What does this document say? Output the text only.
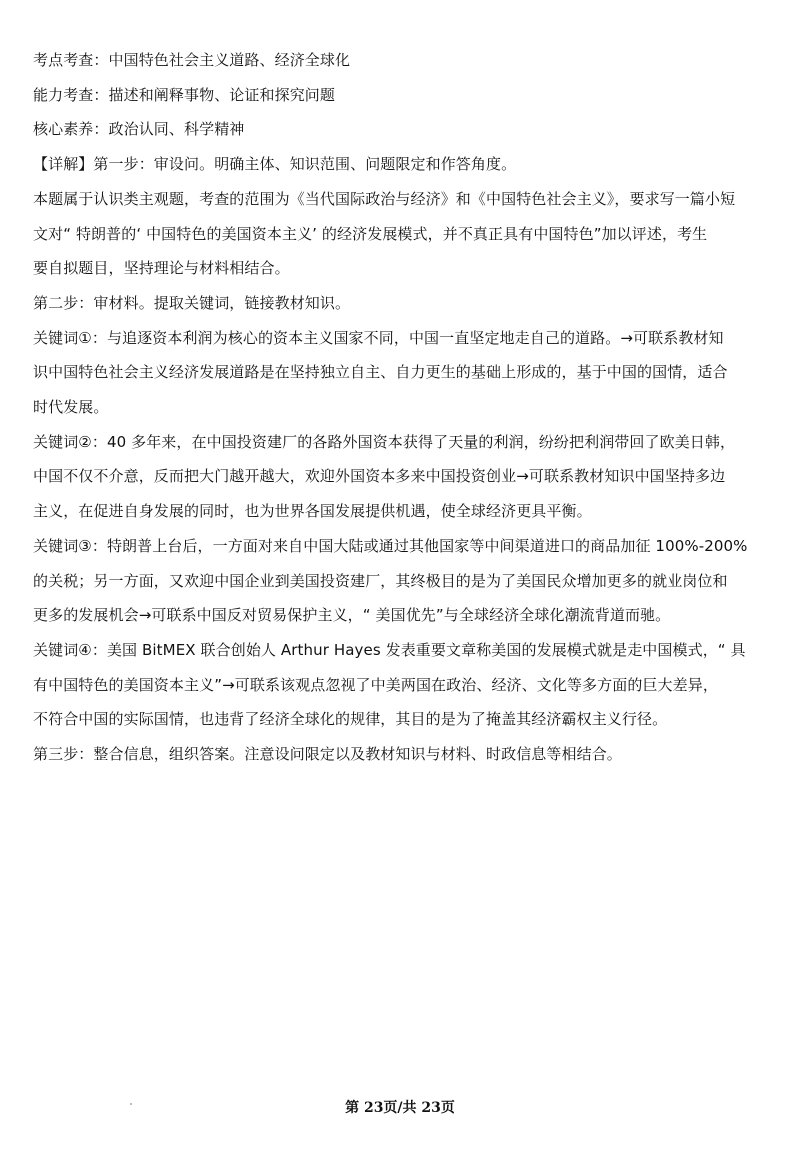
考点考查：中国特色社会主义道路、经济全球化
能力考查：描述和阐释事物、论证和探究问题
核心素养：政治认同、科学精神
【详解】第一步：审设问。明确主体、知识范围、问题限定和作答角度。
本题属于认识类主观题，考查的范围为《当代国际政治与经济》和《中国特色社会主义》，要求写一篇小短
文对“ 特朗普的‘ 中国特色的美国资本主义’ 的经济发展模式，并不真正具有中国特色”加以评述，考生
要自拟题目，坚持理论与材料相结合。
第二步：审材料。提取关键词，链接教材知识。
关键词①：与追逐资本利润为核心的资本主义国家不同，中国一直坚定地走自己的道路。→可联系教材知
识中国特色社会主义经济发展道路是在坚持独立自主、自力更生的基础上形成的，基于中国的国情，适合
时代发展。
关键词②：40 多年来，在中国投资建厂的各路外国资本获得了天量的利润，纷纷把利润带回了欧美日韩，
中国不仅不介意，反而把大门越开越大，欢迎外国资本多来中国投资创业→可联系教材知识中国坚持多边
主义，在促进自身发展的同时，也为世界各国发展提供机遇，使全球经济更具平衡。
关键词③：特朗普上台后，一方面对来自中国大陆或通过其他国家等中间渠道进口的商品加征 100%-200%
的关税；另一方面，又欢迎中国企业到美国投资建厂，其终极目的是为了美国民众增加更多的就业岗位和
更多的发展机会→可联系中国反对贸易保护主义，“ 美国优先”与全球经济全球化潮流背道而驰。
关键词④：美国 BitMEX 联合创始人 Arthur Hayes 发表重要文章称美国的发展模式就是走中国模式，“ 具
有中国特色的美国资本主义”→可联系该观点忽视了中美两国在政治、经济、文化等多方面的巨大差异，
不符合中国的实际国情，也违背了经济全球化的规律，其目的是为了掩盖其经济霸权主义行径。
第三步：整合信息，组织答案。注意设问限定以及教材知识与材料、时政信息等相结合。
第 23页/共 23页
